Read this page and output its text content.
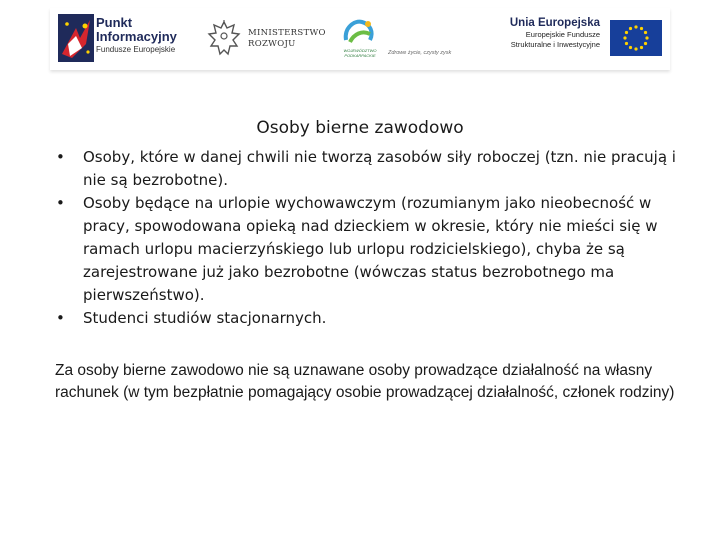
Punkt
Informacyjny
Fundusze Europejskie
MINISTERSTWO
ROZWOJU
WOJEWÓDZTWO
PODKARPACKIE	Zdrowe życie, czysty zysk
Unia Europejska
Europejskie Fundusze
Strukturalne i Inwestycyjne
Osoby bierne zawodowo
• Osoby, które w danej chwili nie tworzą zasobów siły roboczej (tzn. nie pracują i nie są bezrobotne).
• Osoby będące na urlopie wychowawczym (rozumianym jako nieobecność w pracy, spowodowana opieką nad dzieckiem w okresie, który nie mieści się w ramach urlopu macierzyńskiego lub urlopu rodzicielskiego), chyba że są zarejestrowane już jako bezrobotne (wówczas status bezrobotnego ma pierwszeństwo).
• Studenci studiów stacjonarnych.
Za osoby bierne zawodowo nie są uznawane osoby prowadzące działalność na własny rachunek (w tym bezpłatnie pomagający osobie prowadzącej działalność, członek rodziny)
